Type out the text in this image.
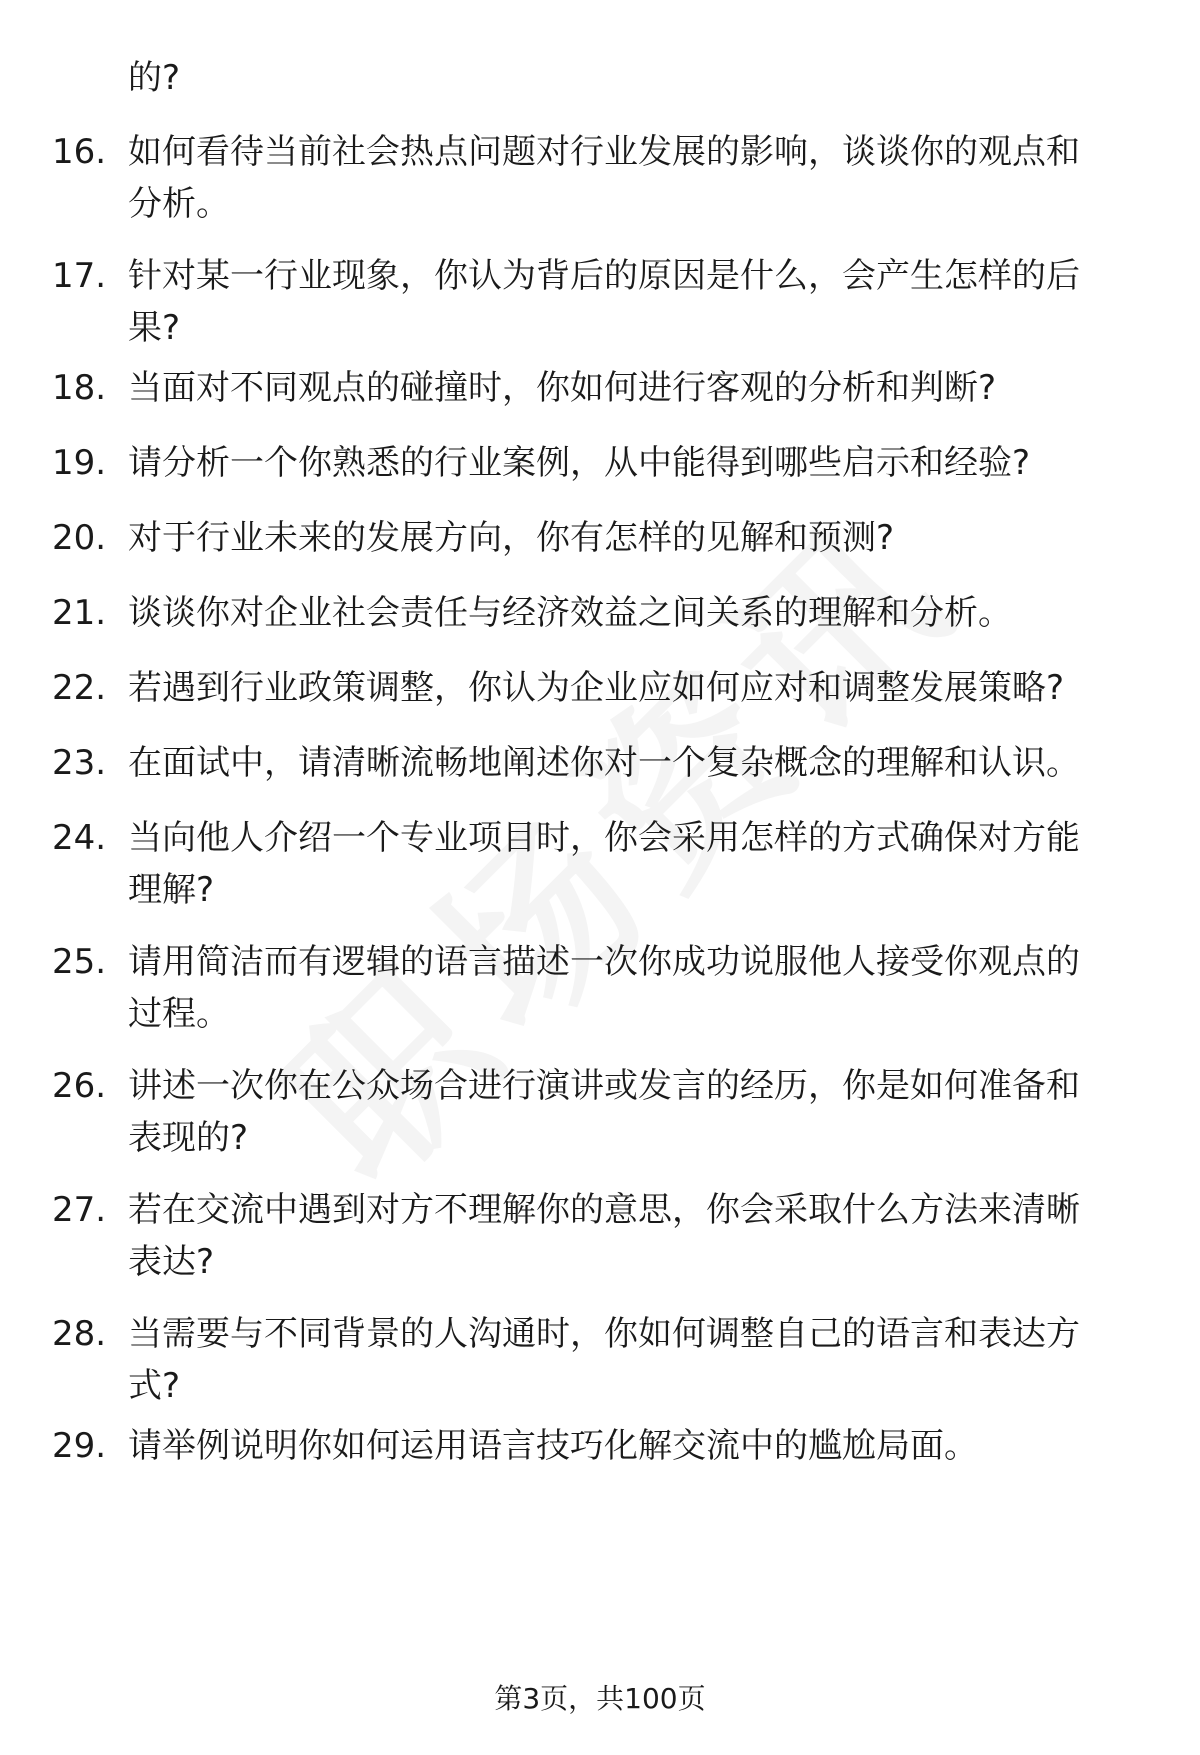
的?
16. 如何看待当前社会热点问题对行业发展的影响，谈谈你的观点和
分析。
17. 针对某一行业现象，你认为背后的原因是什么，会产生怎样的后
果?
18. 当面对不同观点的碰撞时，你如何进行客观的分析和判断?
19. 请分析一个你熟悉的行业案例，从中能得到哪些启示和经验?
20. 对于行业未来的发展方向，你有怎样的见解和预测?
21. 谈谈你对企业社会责任与经济效益之间关系的理解和分析。
22. 若遇到行业政策调整，你认为企业应如何应对和调整发展策略?
23. 在面试中，请清晰流畅地阐述你对一个复杂概念的理解和认识。
24. 当向他人介绍一个专业项目时，你会采用怎样的方式确保对方能
理解?
25. 请用简洁而有逻辑的语言描述一次你成功说服他人接受你观点的
过程。
26. 讲述一次你在公众场合进行演讲或发言的经历，你是如何准备和
表现的?
27. 若在交流中遇到对方不理解你的意思，你会采取什么方法来清晰
表达?
28. 当需要与不同背景的人沟通时，你如何调整自己的语言和表达方
式?
29. 请举例说明你如何运用语言技巧化解交流中的尴尬局面。
第3页，共100页
